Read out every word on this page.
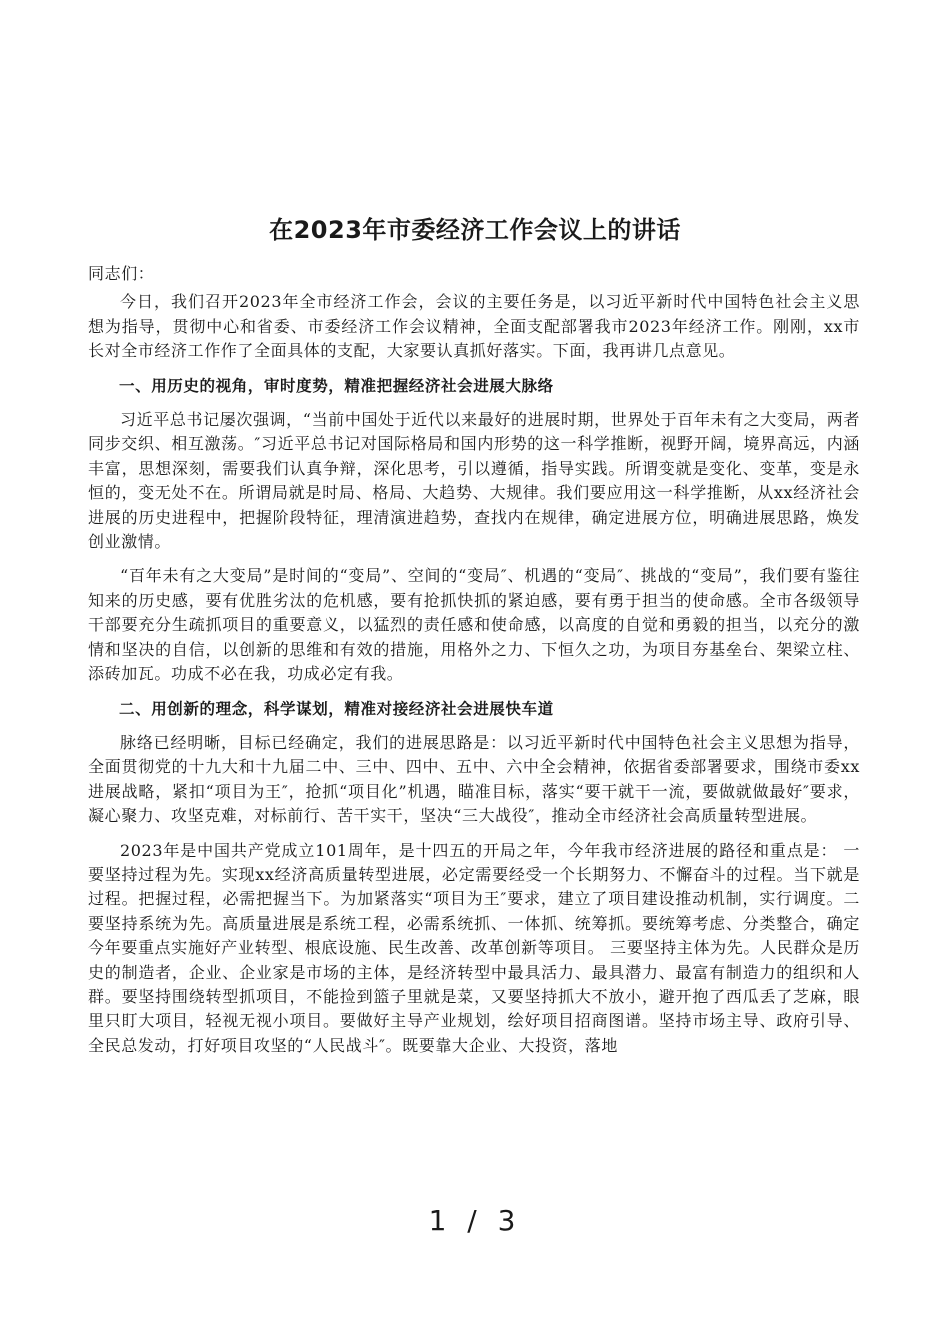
在2023年市委经济工作会议上的讲话

同志们：

今日，我们召开2023年全市经济工作会，会议的主要任务是，以习近平新时代中国特色社会主义思想为指导，贯彻中心和省委、市委经济工作会议精神，全面支配部署我市2023年经济工作。刚刚，xx市长对全市经济工作作了全面具体的支配，大家要认真抓好落实。下面，我再讲几点意见。

一、用历史的视角，审时度势，精准把握经济社会进展大脉络

习近平总书记屡次强调，“当前中国处于近代以来最好的进展时期，世界处于百年未有之大变局，两者同步交织、相互激荡。″习近平总书记对国际格局和国内形势的这一科学推断，视野开阔，境界高远，内涵丰富，思想深刻，需要我们认真争辩，深化思考，引以遵循，指导实践。所谓变就是变化、变革，变是永恒的，变无处不在。所谓局就是时局、格局、大趋势、大规律。我们要应用这一科学推断，从xx经济社会进展的历史进程中，把握阶段特征，理清演进趋势，查找内在规律，确定进展方位，明确进展思路，焕发创业激情。

“百年未有之大变局”是时间的“变局”、空间的“变局″、机遇的“变局″、挑战的“变局”，我们要有鉴往知来的历史感，要有优胜劣汰的危机感，要有抢抓快抓的紧迫感，要有勇于担当的使命感。全市各级领导干部要充分生疏抓项目的重要意义，以猛烈的责任感和使命感，以高度的自觉和勇毅的担当，以充分的激情和坚决的自信，以创新的思维和有效的措施，用格外之力、下恒久之功，为项目夯基垒台、架梁立柱、添砖加瓦。功成不必在我，功成必定有我。

二、用创新的理念，科学谋划，精准对接经济社会进展快车道

脉络已经明晰，目标已经确定，我们的进展思路是：以习近平新时代中国特色社会主义思想为指导，全面贯彻党的十九大和十九届二中、三中、四中、五中、六中全会精神，依据省委部署要求，围绕市委xx进展战略，紧扣“项目为王″，抢抓“项目化”机遇，瞄准目标，落实“要干就干一流，要做就做最好″要求，凝心聚力、攻坚克难，对标前行、苦干实干，坚决“三大战役″，推动全市经济社会高质量转型进展。

2023年是中国共产党成立101周年，是十四五的开局之年，今年我市经济进展的路径和重点是： 一要坚持过程为先。实现xx经济高质量转型进展，必定需要经受一个长期努力、不懈奋斗的过程。当下就是过程。把握过程，必需把握当下。为加紧落实“项目为王″要求，建立了项目建设推动机制，实行调度。二要坚持系统为先。高质量进展是系统工程，必需系统抓、一体抓、统筹抓。要统筹考虑、分类整合，确定今年要重点实施好产业转型、根底设施、民生改善、改革创新等项目。 三要坚持主体为先。人民群众是历史的制造者，企业、企业家是市场的主体，是经济转型中最具活力、最具潜力、最富有制造力的组织和人群。要坚持围绕转型抓项目，不能捡到篮子里就是菜，又要坚持抓大不放小，避开抱了西瓜丢了芝麻，眼里只盯大项目，轻视无视小项目。要做好主导产业规划，绘好项目招商图谱。坚持市场主导、政府引导、全民总发动，打好项目攻坚的“人民战斗″。既要靠大企业、大投资，落地

1 / 3
